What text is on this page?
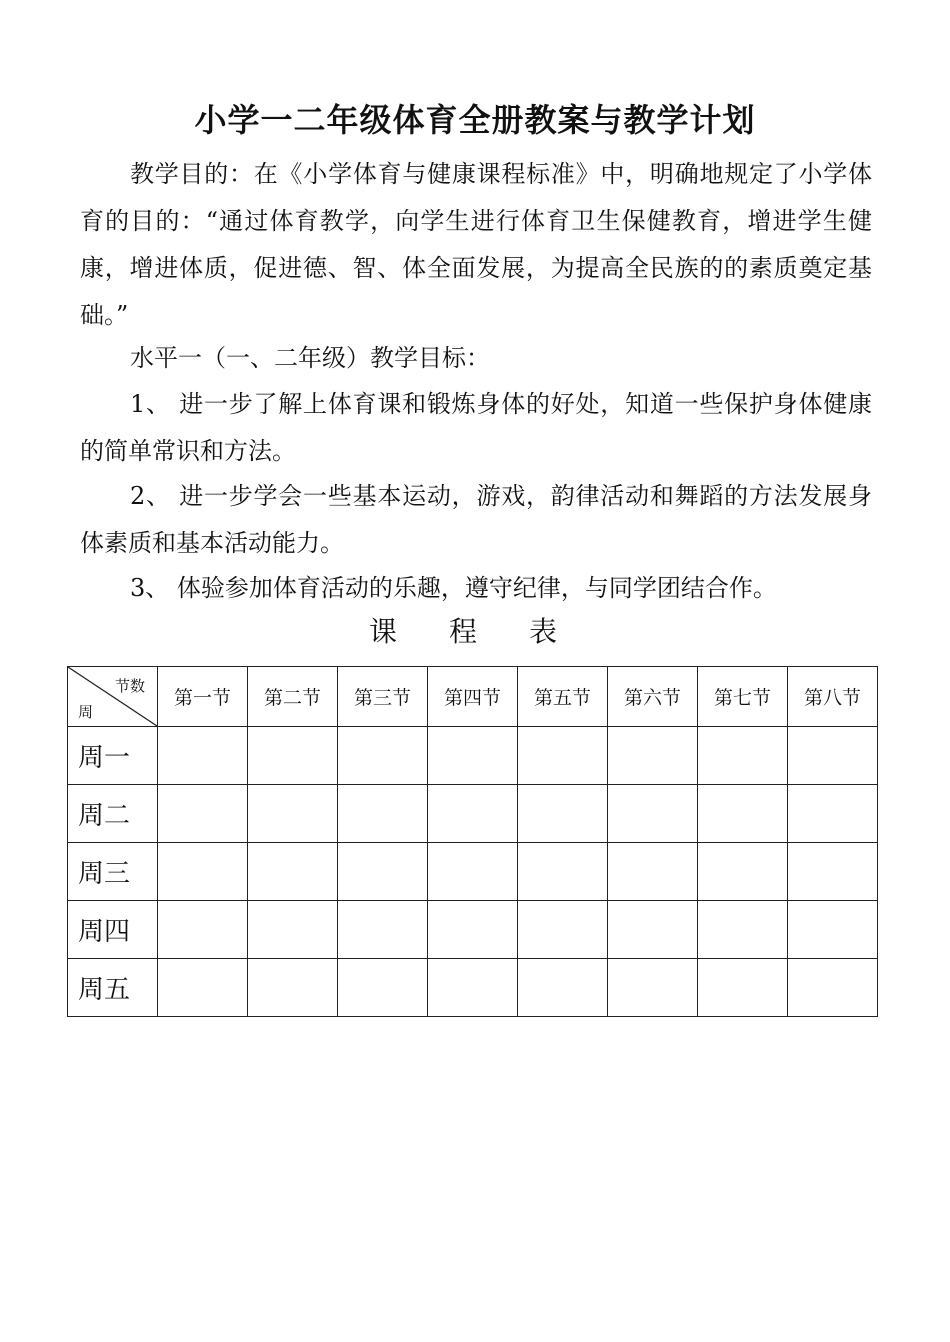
小学一二年级体育全册教案与教学计划
教学目的：在《小学体育与健康课程标准》中，明确地规定了小学体育的目的：“通过体育教学，向学生进行体育卫生保健教育，增进学生健康，增进体质，促进德、智、体全面发展，为提高全民族的的素质奠定基础。”
水平一（一、二年级）教学目标：
1、 进一步了解上体育课和锻炼身体的好处，知道一些保护身体健康的简单常识和方法。
2、 进一步学会一些基本运动，游戏，韵律活动和舞蹈的方法发展身体素质和基本活动能力。
3、 体验参加体育活动的乐趣，遵守纪律，与同学团结合作。
课程表
节数
周	第一节	第二节	第三节	第四节	第五节	第六节	第七节	第八节
周一								
周二								
周三								
周四								
周五								
